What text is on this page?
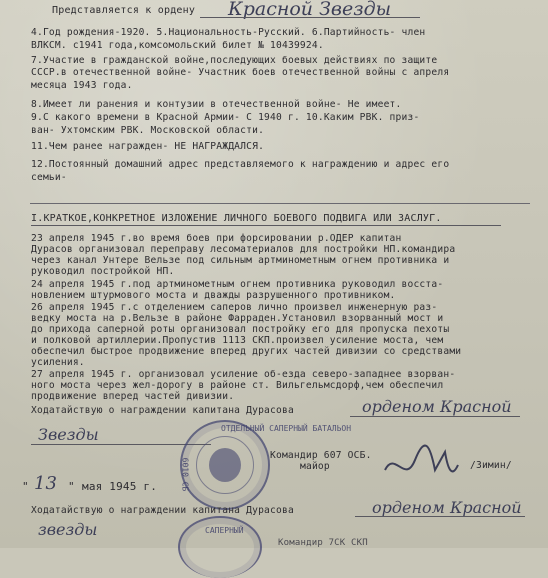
Представляется к ордену Красной Звезды
4.Год рождения-1920. 5.Национальность-Русский. 6.Партийность- член
ВЛКСМ. с1941 года,комсомольский билет № 10439924.
7.Участие в гражданской войне,последующих боевых действиях по защите
СССР.в отечественной войне- Участник боев отечественной войны с апреля
месяца 1943 года.
8.Имеет ли ранения и контузии в отечественной войне- Не имеет.
9.С какого времени в Красной Армии- С 1940 г. 10.Каким РВК. приз-
ван- Ухтомским РВК. Московской области.
11.Чем ранее награжден- НЕ НАГРАЖДАЛСЯ.
12.Постоянный домашний адрес представляемого к награждению и адрес его
семьи-
I.КРАТКОЕ,КОНКРЕТНОЕ ИЗЛОЖЕНИЕ ЛИЧНОГО БОЕВОГО ПОДВИГА ИЛИ ЗАСЛУГ.
23 апреля 1945 г.во время боев при форсировании р.ОДЕР капитан
Дурасов организовал переправу лесоматериалов для постройки НП.командира
через канал Унтере Вельзе под сильным артминометным огнем противника и
руководил постройкой НП.
24 апреля 1945 г.под артминометным огнем противника руководил восста-
новлением штурмового моста и дважды разрушенного противником.
26 апреля 1945 г.с отделением саперов лично произвел инженерную раз-
ведку моста на р.Вельзе в районе Фарраден.Установил взорванный мост и
до прихода саперной роты организовал постройку его для пропуска пехоты
и полковой артиллерии.Пропустив 1113 СКП.произвел усиление моста, чем
обеспечил быстрое продвижение вперед других частей дивизии со средствами
усиления.
27 апреля 1945 г. организовал усиление об-езда северо-западнее взорван-
ного моста через жел-дорогу в районе ст. Вильгельмсдорф,чем обеспечил
продвижение вперед частей дивизии.
Ходатайствую о награждении капитана Дурасова	орденом Красной
Звезды	ОТДЕЛЬНЫЙ САПЕРНЫЙ БАТАЛЬОН
6010 СБ
Командир 607 ОСБ.
майор	/Зимин/
" 13 " мая 1945 г.
Ходатайствую о награждении капитана Дурасова	орденом Красной
звезды	САПЕРНЫЙ
Командир 7СК СКП
